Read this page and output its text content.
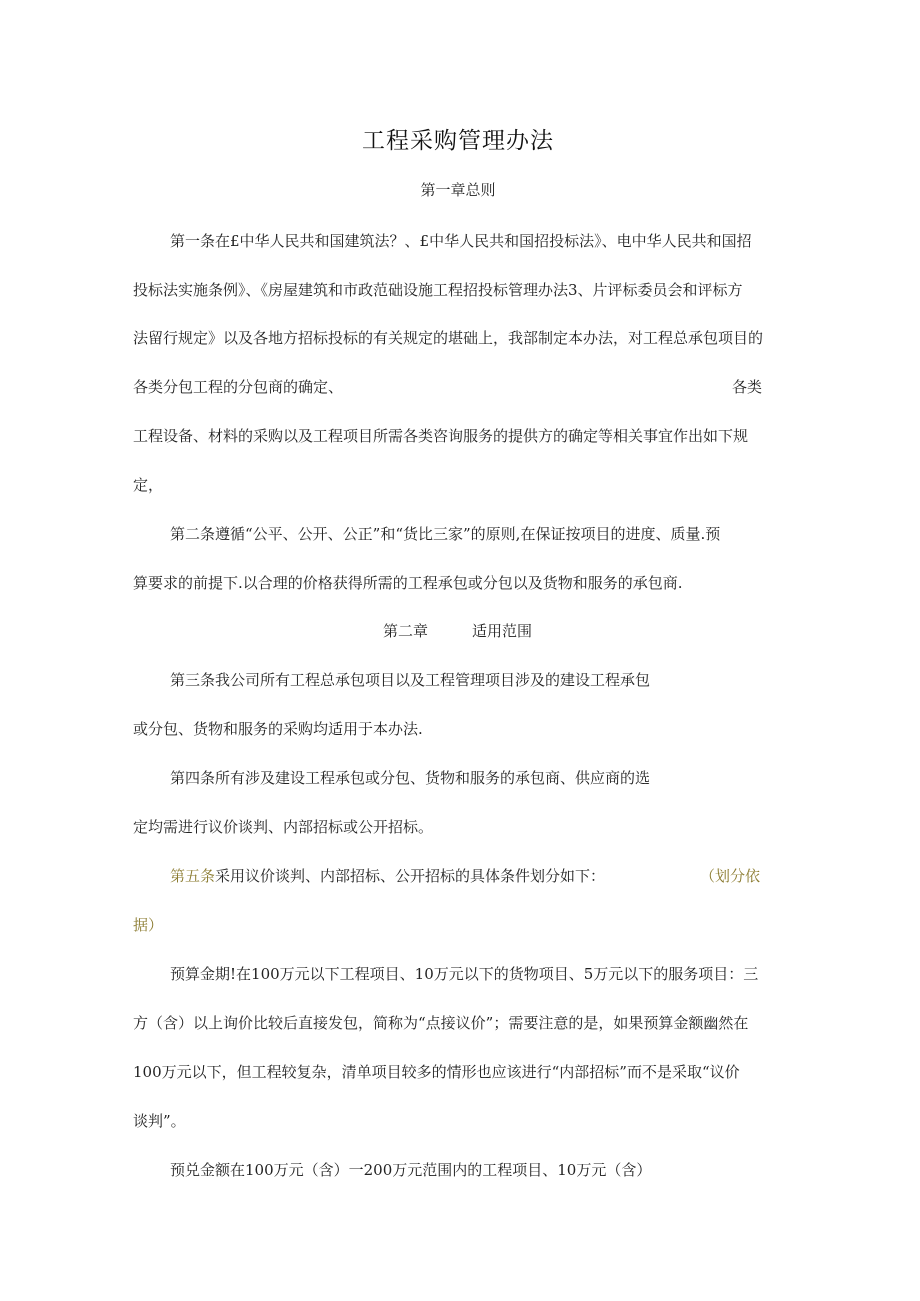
工程采购管理办法
第一章总则
第一条在£中华人民共和国建筑法？、£中华人民共和国招投标法》、电中华人民共和国招
投标法实施条例》、《房屋建筑和市政范础设施工程招投标管理办法3、片评标委员会和评标方
法留行规定》以及各地方招标投标的有关规定的堪础上，我部制定本办法，对工程总承包项目的
各类分包工程的分包商的确定、	各类
工程设备、材料的采购以及工程项目所需各类咨询服务的提供方的确定等相关事宜作出如下规
定，
第二条遵循“公平、公开、公正”和“货比三家”的原则,在保证按项目的进度、质量.预
算要求的前提下.以合理的价格获得所需的工程承包或分包以及货物和服务的承包商.
第二章	适用范围
第三条我公司所有工程总承包项目以及工程管理项目涉及的建设工程承包
或分包、货物和服务的采购均适用于本办法.
第四条所有涉及建设工程承包或分包、货物和服务的承包商、供应商的选
定均需进行议价谈判、内部招标或公开招标。
第五条采用议价谈判、内部招标、公开招标的具体条件划分如下：	（划分依
据）
预算金期!在100万元以下工程项目、10万元以下的货物项目、5万元以下的服务项目：三
方（含）以上询价比较后直接发包，简称为“点接议价”；需要注意的是，如果预算金额幽然在
100万元以下，但工程较复杂，清单项目较多的情形也应该进行“内部招标”而不是采取“议价
谈判”。
预兑金额在100万元（含）一200万元范围内的工程项目、10万元（含）
